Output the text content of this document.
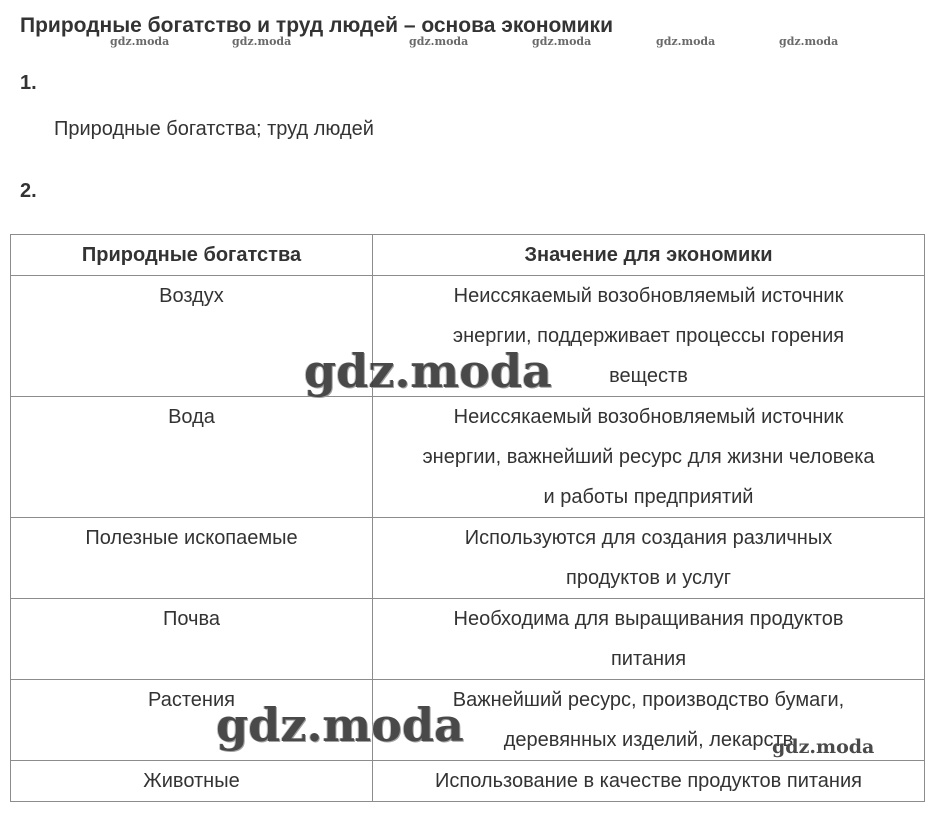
Природные богатство и труд людей – основа экономики
gdz.moda	gdz.moda	gdz.moda	gdz.moda	gdz.moda	gdz.moda
1.
Природные богатства; труд людей
2.
Природные богатства	Значение для экономики
Воздух	Неиссякаемый возобновляемый источник
энергии, поддерживает процессы горения
веществ

Вода	Неиссякаемый возобновляемый источник
энергии, важнейший ресурс для жизни человека
и работы предприятий

Полезные ископаемые	Используются для создания различных
продуктов и услуг

Почва	Необходима для выращивания продуктов
питания

Растения	Важнейший ресурс, производство бумаги,
деревянных изделий, лекарств

Животные	Использование в качестве продуктов питания
gdz.moda
gdz.moda	gdz.moda
